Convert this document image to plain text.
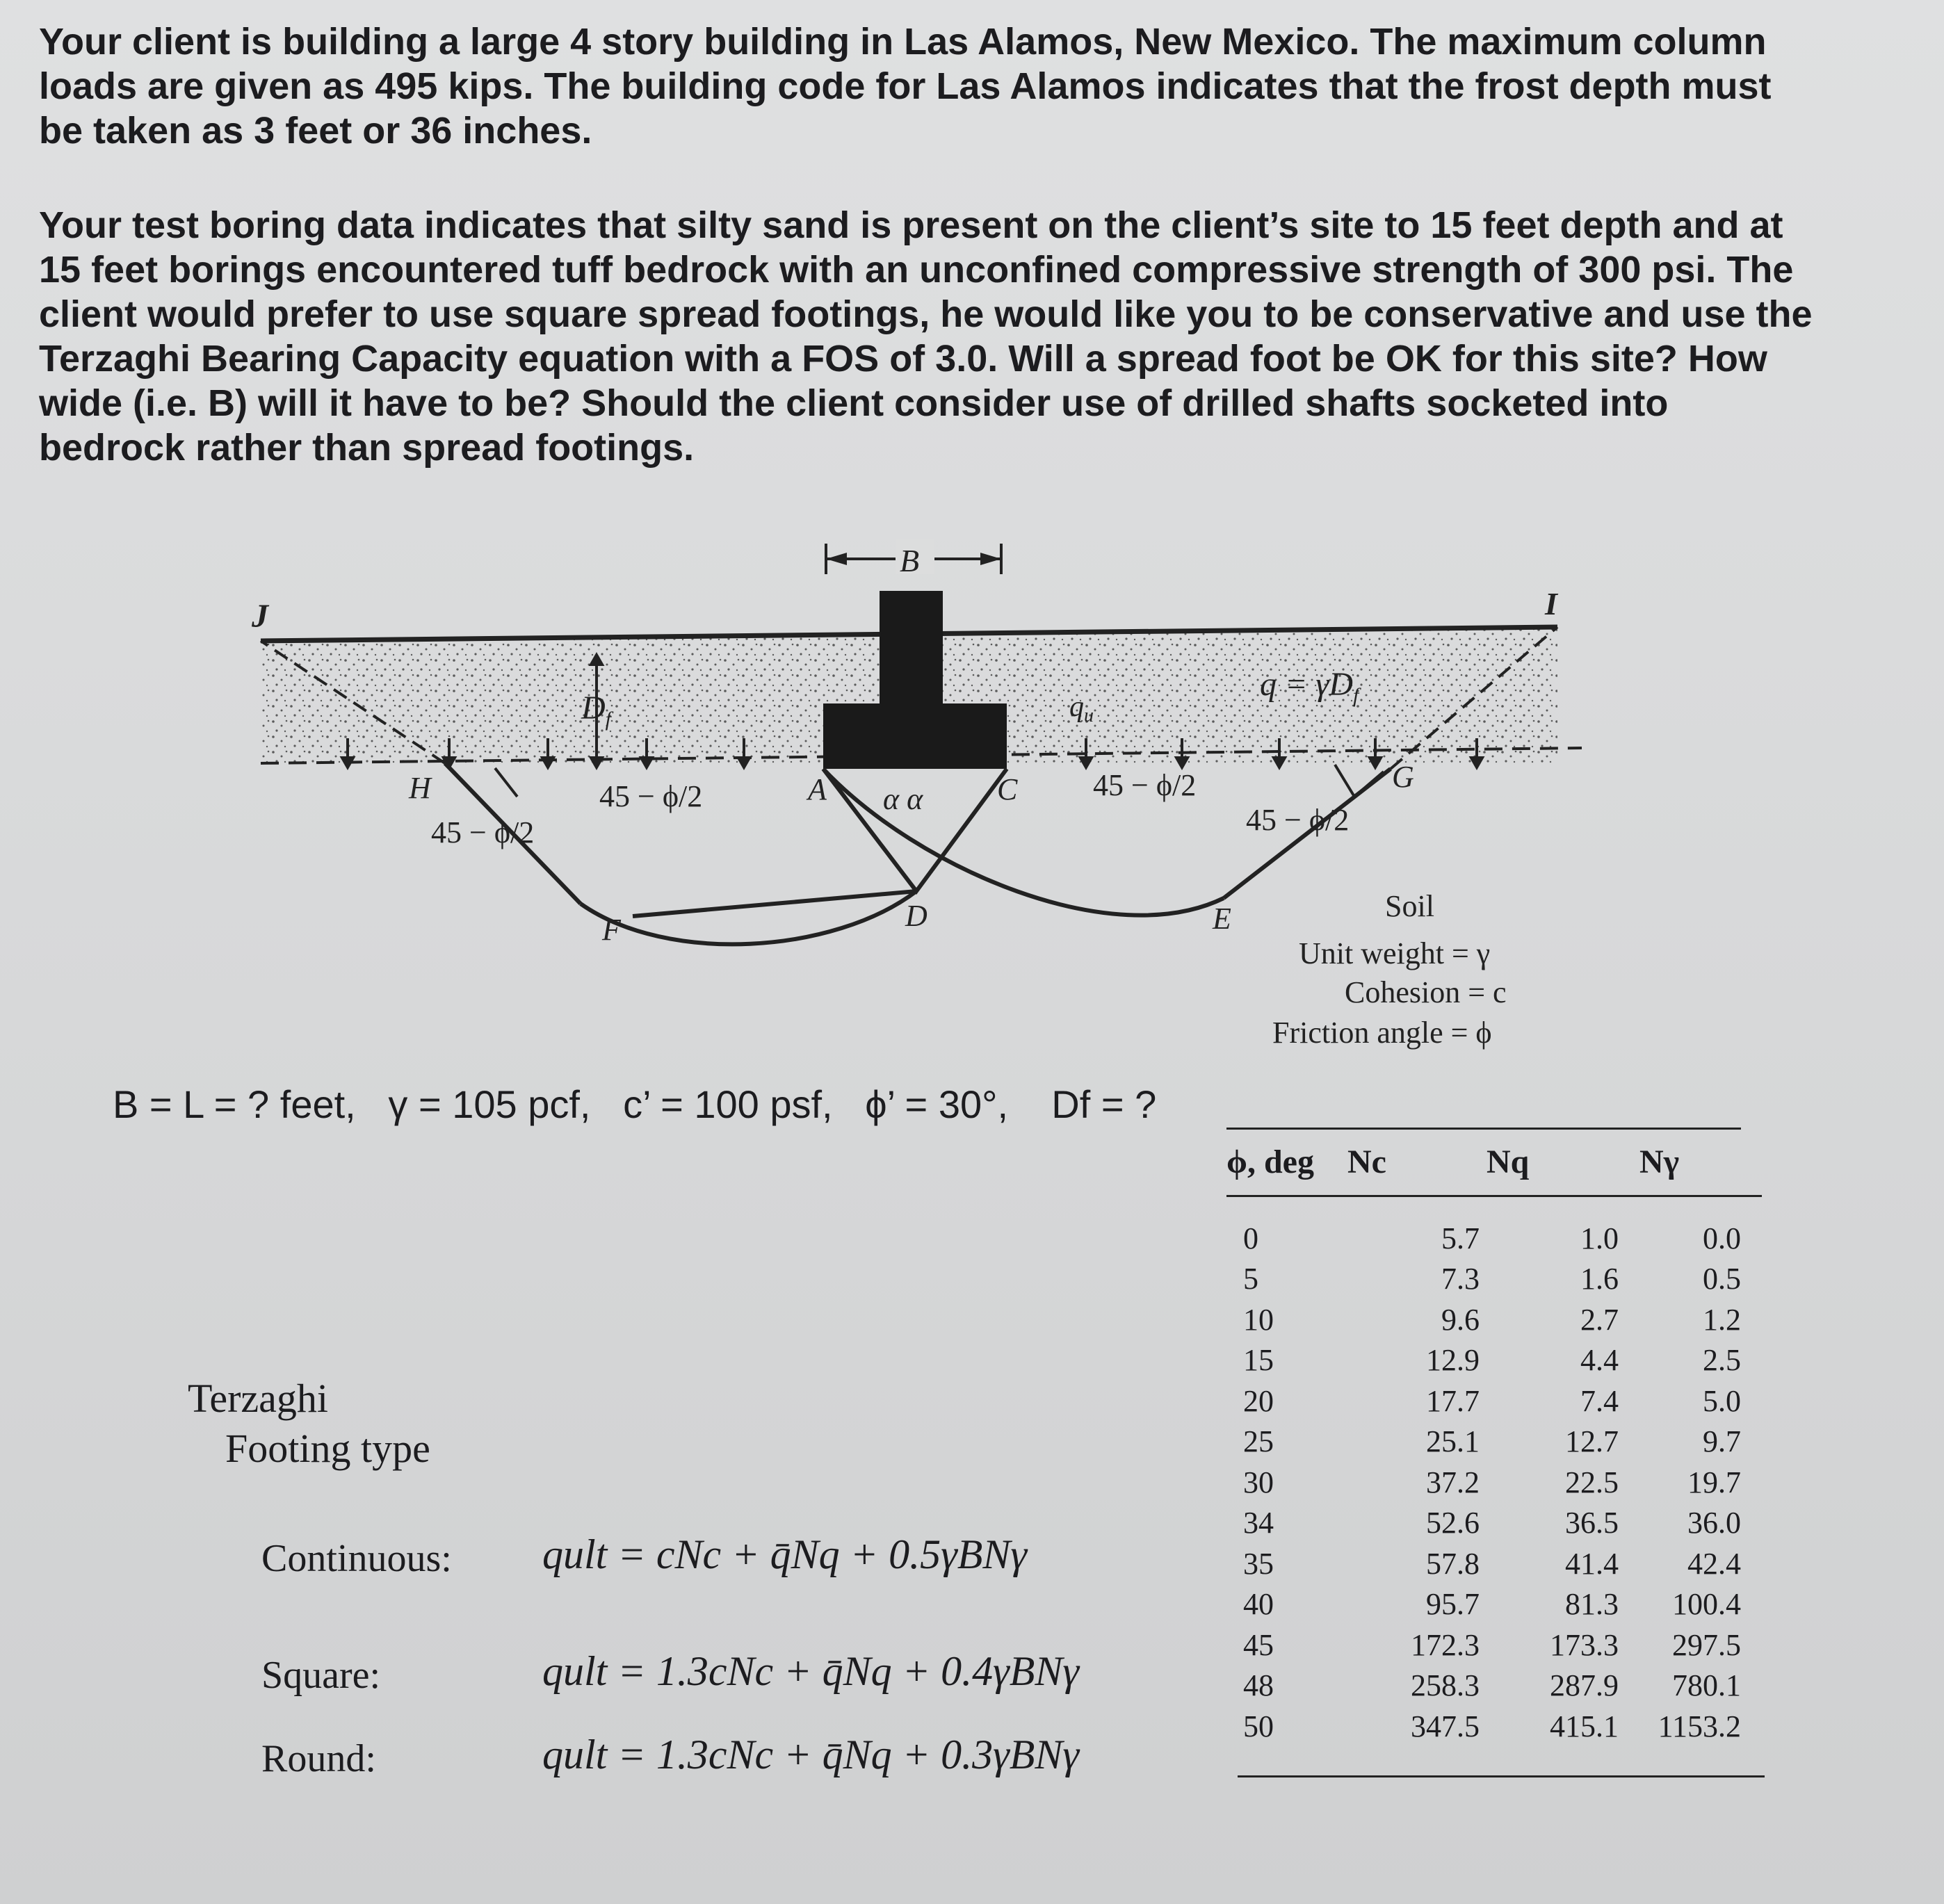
Your client is building a large 4 story building in Las Alamos, New Mexico. The maximum column loads are given as 495 kips. The building code for Las Alamos indicates that the frost depth must be taken as 3 feet or 36 inches.

Your test boring data indicates that silty sand is present on the client’s site to 15 feet depth and at 15 feet borings encountered tuff bedrock with an unconfined compressive strength of 300 psi. The client would prefer to use square spread footings, he would like you to be conservative and use the Terzaghi Bearing Capacity equation with a FOS of 3.0. Will a spread foot be OK for this site? How wide (i.e. B) will it have to be? Should the client consider use of drilled shafts socketed into bedrock rather than spread footings.

B
J	I
$D_f$	qu
$q = \gamma D_f$
H	A α α C	G
D	E
F
45 − ϕ/2
45 − ϕ/2	45 − ϕ/2
45 − ϕ/2
Soil
Unit weight = γ
Cohesion = c
Friction angle = ϕ
B = L = ? feet,   γ = 105 pcf,   c’ = 100 psf,   ϕ’ = 30°,    Df = ?
Terzaghi
Footing type
Continuous: qult = cNc + q̄Nq + 0.5γBNγ
Square:	qult = 1.3cNc + q̄Nq + 0.4γBNγ
Round:	qult = 1.3cNc + q̄Nq + 0.3γBNγ
ϕ, deg	Nc	Nq	Nγ
0	5.7	1.0	0.0
5	7.3	1.6	0.5
10	9.6	2.7	1.2
15	12.9	4.4	2.5
20	17.7	7.4	5.0
25	25.1	12.7	9.7
30	37.2	22.5	19.7
34	52.6	36.5	36.0
35	57.8	41.4	42.4
40	95.7	81.3	100.4
45	172.3	173.3	297.5
48	258.3	287.9	780.1
50	347.5	415.1	1153.2
